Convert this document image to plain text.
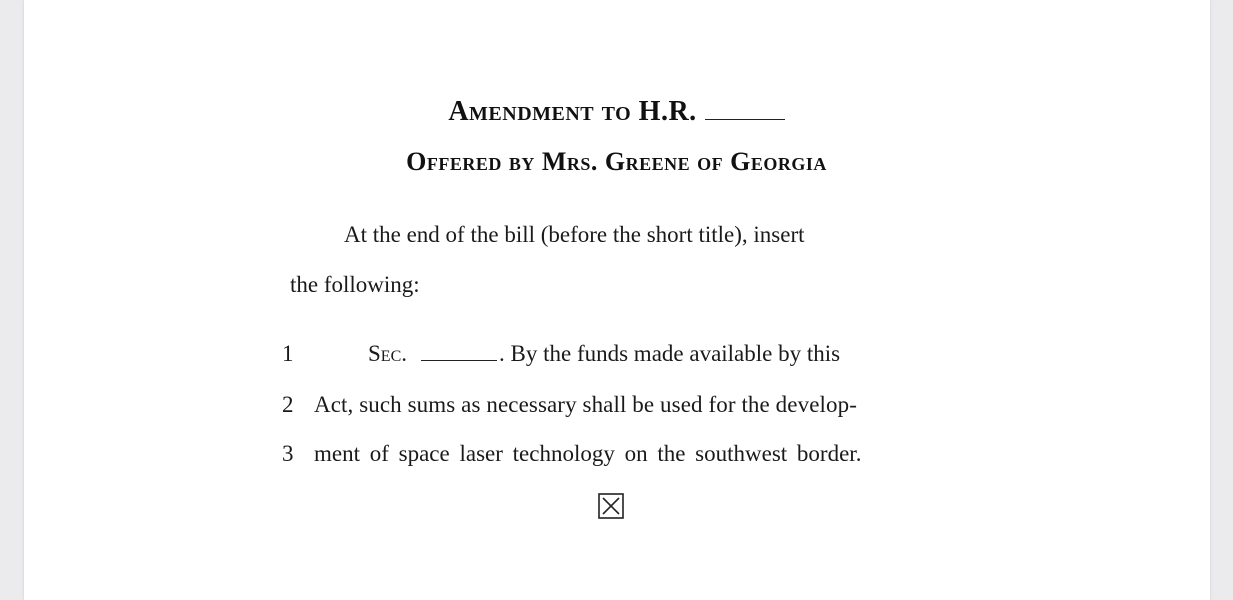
Amendment to H.R.
Offered by Mrs. Greene of Georgia
At the end of the bill (before the short title), insert
the following:
1	Sec.	. By the funds made available by this
2 Act, such sums as necessary shall be used for the develop-
3 ment of space laser technology on the southwest border.
